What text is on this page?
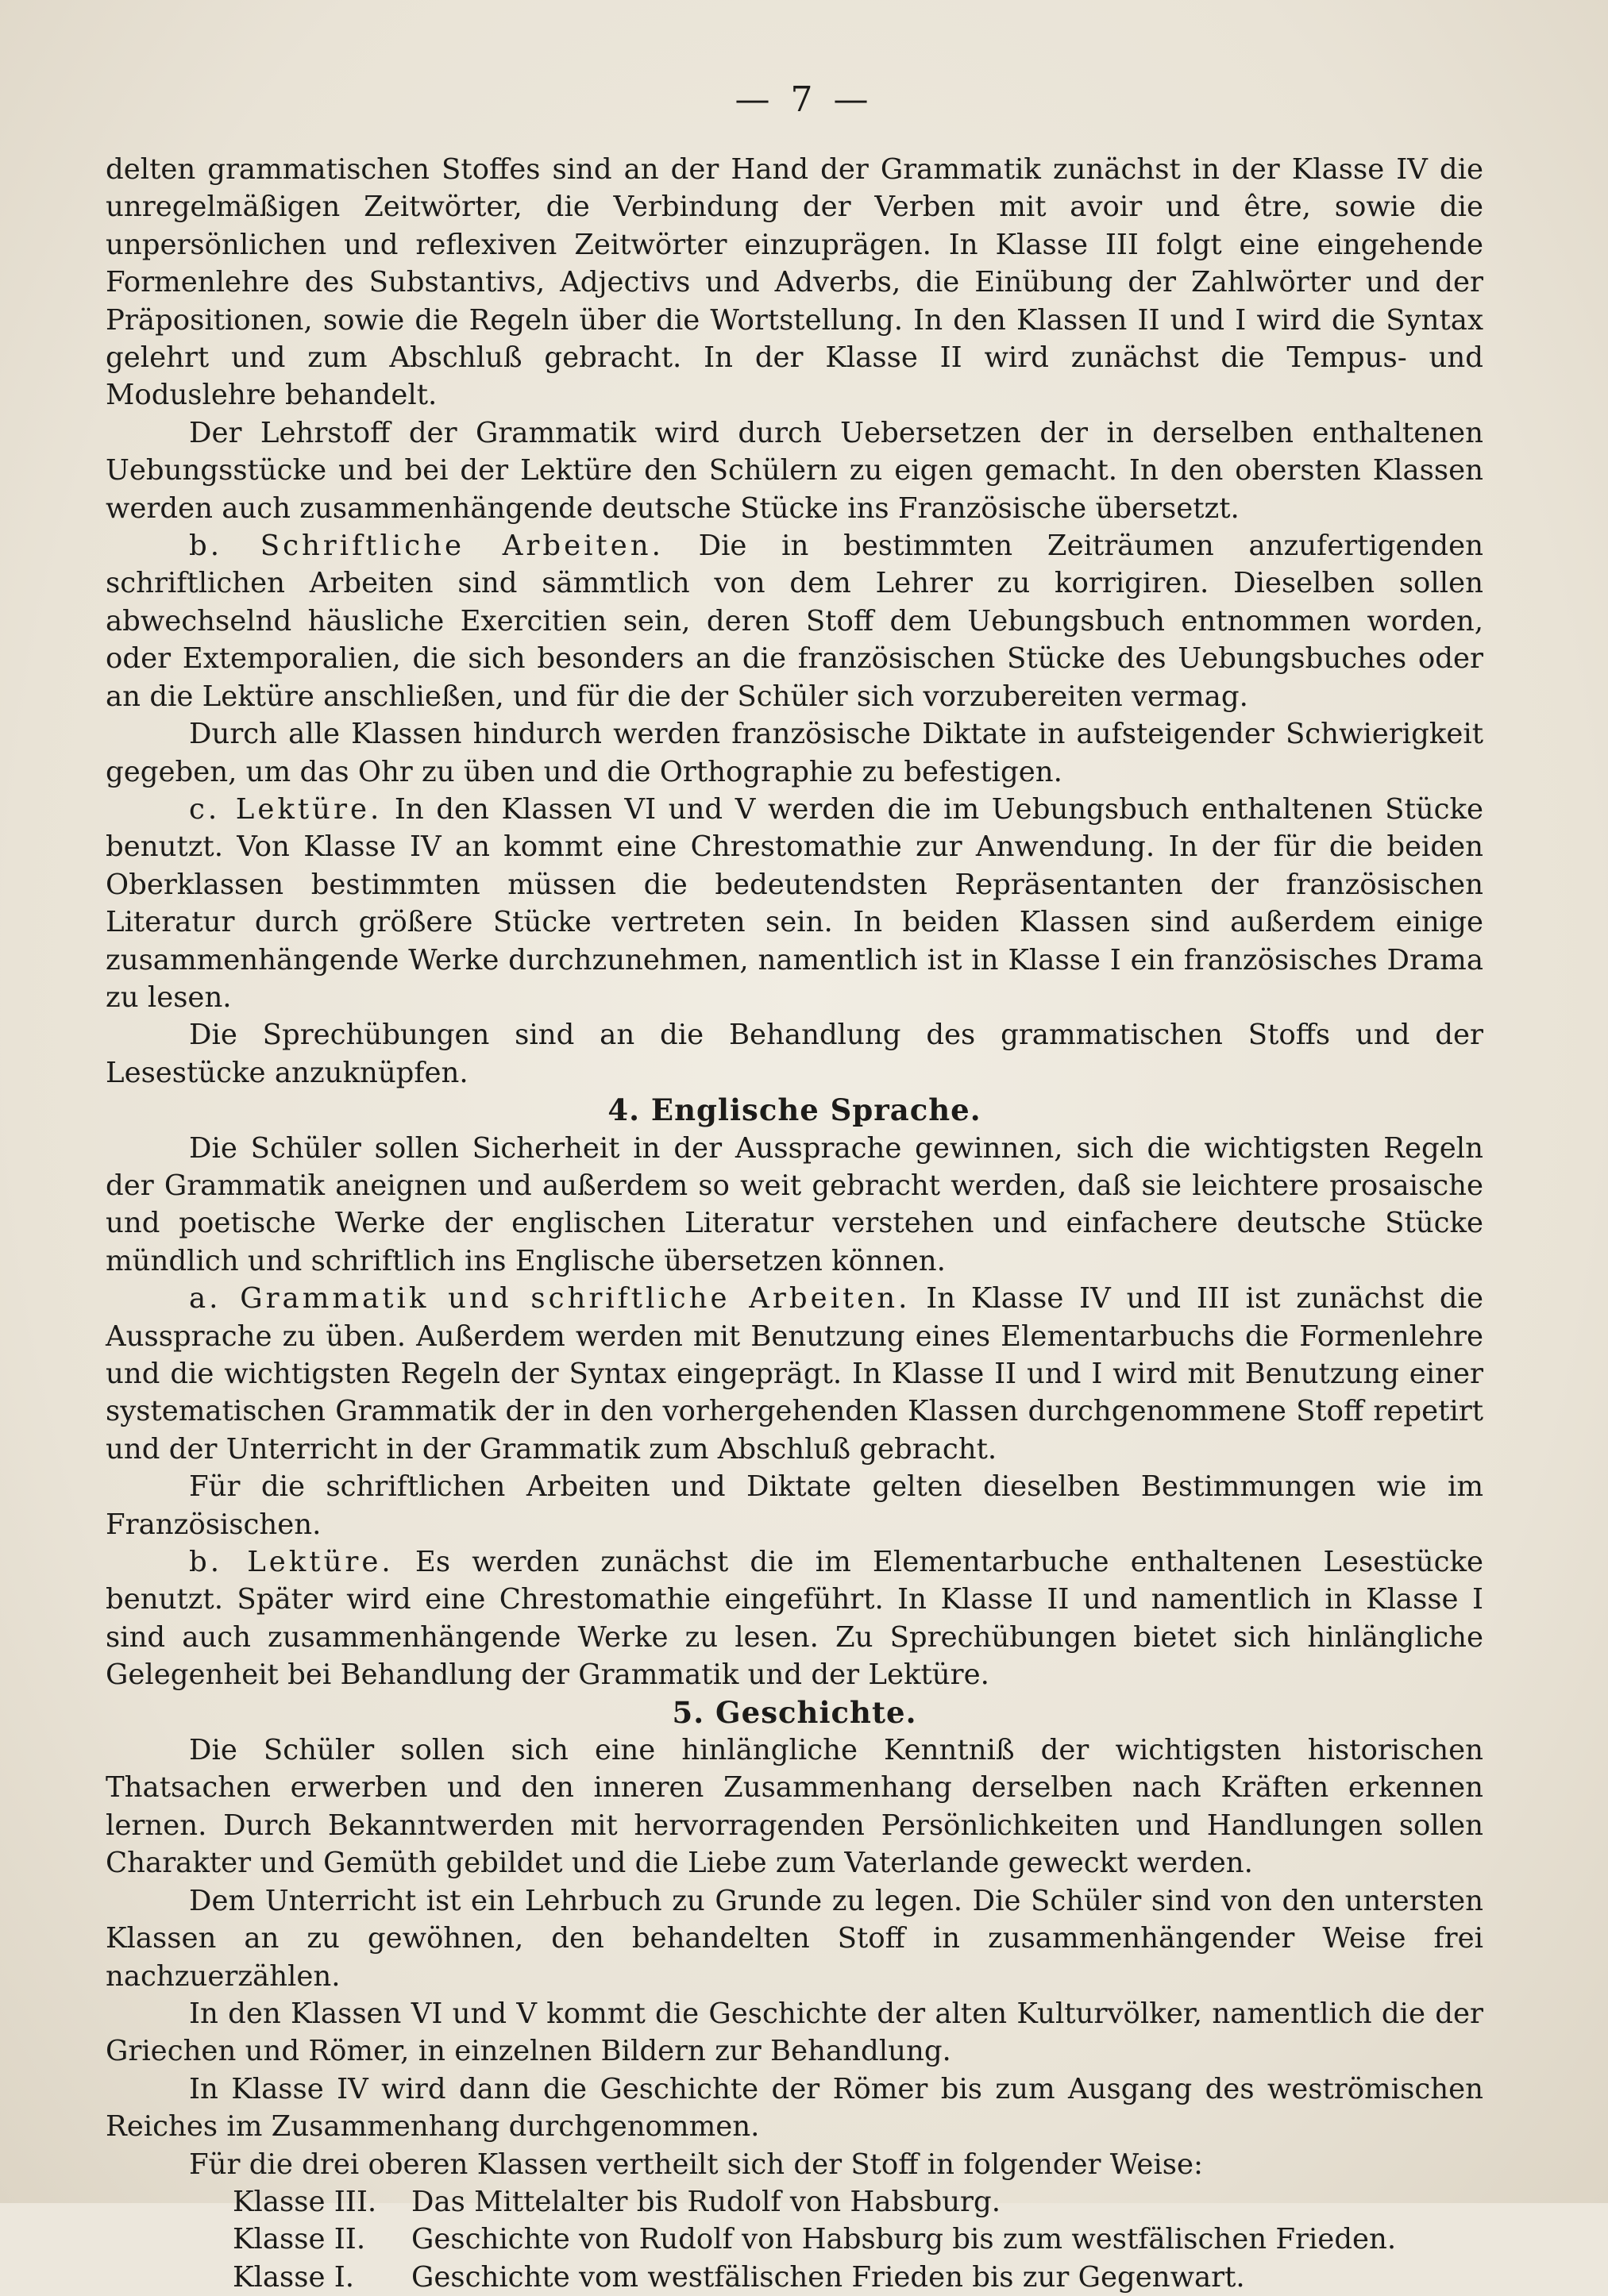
— 7 —

delten grammatischen Stoffes sind an der Hand der Grammatik zunächst in der Klasse IV die unregelmäßigen Zeitwörter, die Verbindung der Verben mit avoir und être, sowie die unpersönlichen und reflexiven Zeitwörter einzuprägen. In Klasse III folgt eine eingehende Formenlehre des Substantivs, Adjectivs und Adverbs, die Einübung der Zahlwörter und der Präpositionen, sowie die Regeln über die Wortstellung. In den Klassen II und I wird die Syntax gelehrt und zum Abschluß gebracht. In der Klasse II wird zunächst die Tempus- und Moduslehre behandelt.

Der Lehrstoff der Grammatik wird durch Uebersetzen der in derselben enthaltenen Uebungsstücke und bei der Lektüre den Schülern zu eigen gemacht. In den obersten Klassen werden auch zusammenhängende deutsche Stücke ins Französische übersetzt.

b. Schriftliche Arbeiten. Die in bestimmten Zeiträumen anzufertigenden schriftlichen Arbeiten sind sämmtlich von dem Lehrer zu korrigiren. Dieselben sollen abwechselnd häusliche Exercitien sein, deren Stoff dem Uebungsbuch entnommen worden, oder Extemporalien, die sich besonders an die französischen Stücke des Uebungsbuches oder an die Lektüre anschließen, und für die der Schüler sich vorzubereiten vermag.

Durch alle Klassen hindurch werden französische Diktate in aufsteigender Schwierigkeit gegeben, um das Ohr zu üben und die Orthographie zu befestigen.

c. Lektüre. In den Klassen VI und V werden die im Uebungsbuch enthaltenen Stücke benutzt. Von Klasse IV an kommt eine Chrestomathie zur Anwendung. In der für die beiden Oberklassen bestimmten müssen die bedeutendsten Repräsentanten der französischen Literatur durch größere Stücke vertreten sein. In beiden Klassen sind außerdem einige zusammenhängende Werke durchzunehmen, namentlich ist in Klasse I ein französisches Drama zu lesen.

Die Sprechübungen sind an die Behandlung des grammatischen Stoffs und der Lesestücke anzuknüpfen.

4. Englische Sprache.

Die Schüler sollen Sicherheit in der Aussprache gewinnen, sich die wichtigsten Regeln der Grammatik aneignen und außerdem so weit gebracht werden, daß sie leichtere prosaische und poetische Werke der englischen Literatur verstehen und einfachere deutsche Stücke mündlich und schriftlich ins Englische übersetzen können.

a. Grammatik und schriftliche Arbeiten. In Klasse IV und III ist zunächst die Aussprache zu üben. Außerdem werden mit Benutzung eines Elementarbuchs die Formenlehre und die wichtigsten Regeln der Syntax eingeprägt. In Klasse II und I wird mit Benutzung einer systematischen Grammatik der in den vorhergehenden Klassen durchgenommene Stoff repetirt und der Unterricht in der Grammatik zum Abschluß gebracht.

Für die schriftlichen Arbeiten und Diktate gelten dieselben Bestimmungen wie im Französischen.

b. Lektüre. Es werden zunächst die im Elementarbuche enthaltenen Lesestücke benutzt. Später wird eine Chrestomathie eingeführt. In Klasse II und namentlich in Klasse I sind auch zusammenhängende Werke zu lesen. Zu Sprechübungen bietet sich hinlängliche Gelegenheit bei Behandlung der Grammatik und der Lektüre.

5. Geschichte.

Die Schüler sollen sich eine hinlängliche Kenntniß der wichtigsten historischen Thatsachen erwerben und den inneren Zusammenhang derselben nach Kräften erkennen lernen. Durch Bekanntwerden mit hervorragenden Persönlichkeiten und Handlungen sollen Charakter und Gemüth gebildet und die Liebe zum Vaterlande geweckt werden.

Dem Unterricht ist ein Lehrbuch zu Grunde zu legen. Die Schüler sind von den untersten Klassen an zu gewöhnen, den behandelten Stoff in zusammenhängender Weise frei nachzuerzählen.

In den Klassen VI und V kommt die Geschichte der alten Kulturvölker, namentlich die der Griechen und Römer, in einzelnen Bildern zur Behandlung.

In Klasse IV wird dann die Geschichte der Römer bis zum Ausgang des weströmischen Reiches im Zusammenhang durchgenommen.

Für die drei oberen Klassen vertheilt sich der Stoff in folgender Weise:

Klasse III.	Das Mittelalter bis Rudolf von Habsburg.
Klasse II.	Geschichte von Rudolf von Habsburg bis zum westfälischen Frieden.
Klasse I.	Geschichte vom westfälischen Frieden bis zur Gegenwart.
